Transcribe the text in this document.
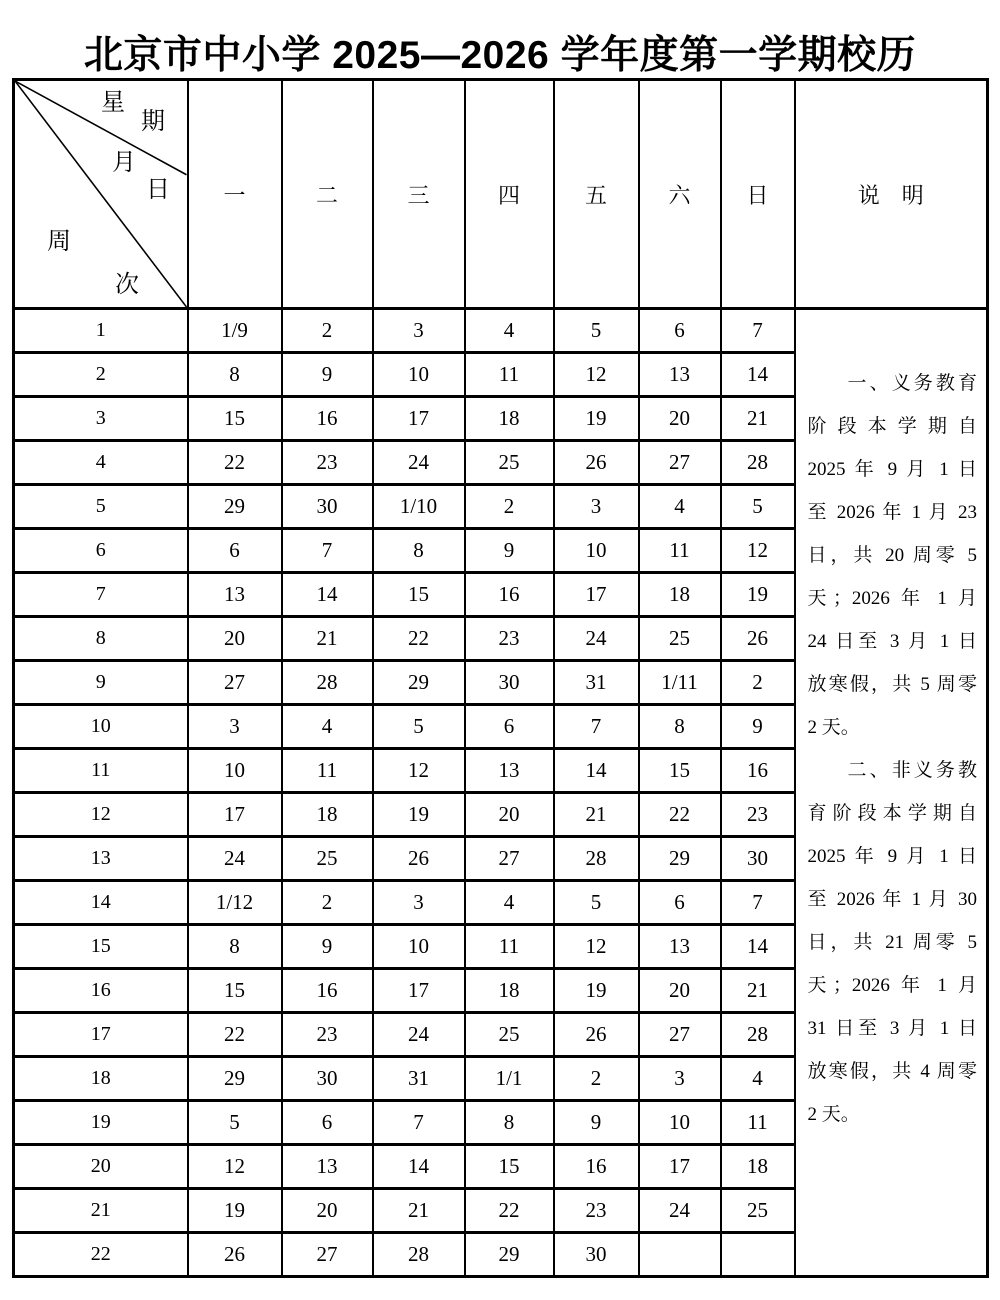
北京市中小学 2025—2026 学年度第一学期校历
星
期
月
日
周
次
	一	二	三	四	五	六	日	说　明
1	1/9	2	3	4	5	6	7	
一、义务教育
阶段本学期自
2025 年 9 月 1 日
至 2026 年 1 月 23
日，共 20 周零 5
天；2026 年 1 月
24 日至 3 月 1 日
放寒假，共 5 周零
2 天。
二、非义务教
育阶段本学期自
2025 年 9 月 1 日
至 2026 年 1 月 30
日，共 21 周零 5
天；2026 年 1 月
31 日至 3 月 1 日
放寒假，共 4 周零
2 天。

2	8	9	10	11	12	13	14	
3	15	16	17	18	19	20	21	
4	22	23	24	25	26	27	28	
5	29	30	1/10	2	3	4	5	
6	6	7	8	9	10	11	12	
7	13	14	15	16	17	18	19	
8	20	21	22	23	24	25	26	
9	27	28	29	30	31	1/11	2	
10	3	4	5	6	7	8	9	
11	10	11	12	13	14	15	16	
12	17	18	19	20	21	22	23	
13	24	25	26	27	28	29	30	
14	1/12	2	3	4	5	6	7	
15	8	9	10	11	12	13	14	
16	15	16	17	18	19	20	21	
17	22	23	24	25	26	27	28	
18	29	30	31	1/1	2	3	4	
19	5	6	7	8	9	10	11	
20	12	13	14	15	16	17	18	
21	19	20	21	22	23	24	25	
22	26	27	28	29	30			
